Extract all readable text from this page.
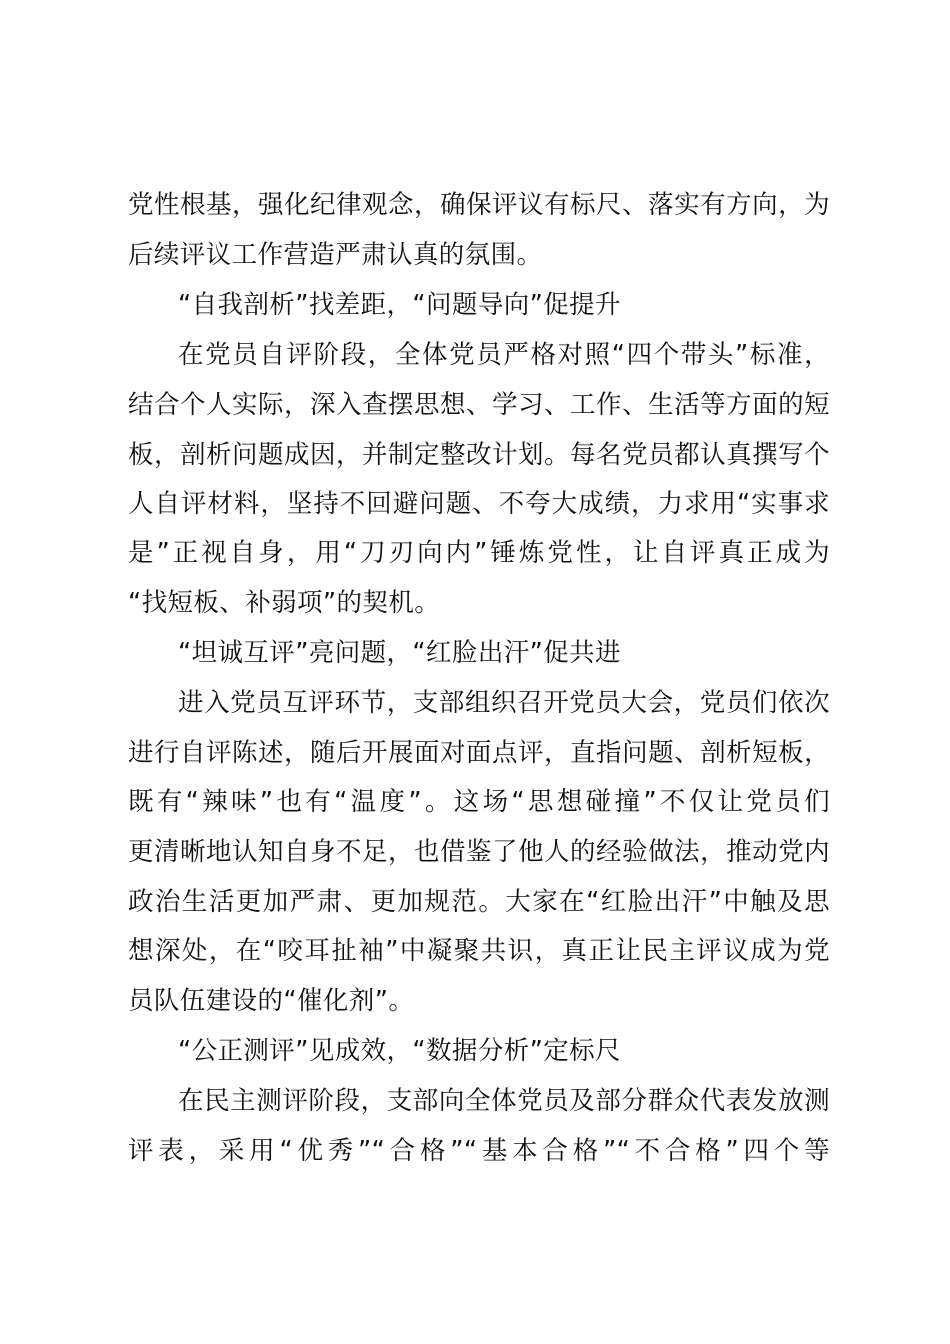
党性根基，强化纪律观念，确保评议有标尺、落实有方向，为
后续评议工作营造严肃认真的氛围。
“自我剖析”找差距，“问题导向”促提升
在党员自评阶段，全体党员严格对照“四个带头”标准，
结合个人实际，深入查摆思想、学习、工作、生活等方面的短
板，剖析问题成因，并制定整改计划。每名党员都认真撰写个
人自评材料，坚持不回避问题、不夸大成绩，力求用“实事求
是”正视自身，用“刀刃向内”锤炼党性，让自评真正成为
“找短板、补弱项”的契机。
“坦诚互评”亮问题，“红脸出汗”促共进
进入党员互评环节，支部组织召开党员大会，党员们依次
进行自评陈述，随后开展面对面点评，直指问题、剖析短板，
既有“辣味”也有“温度”。这场“思想碰撞”不仅让党员们
更清晰地认知自身不足，也借鉴了他人的经验做法，推动党内
政治生活更加严肃、更加规范。大家在“红脸出汗”中触及思
想深处，在“咬耳扯袖”中凝聚共识，真正让民主评议成为党
员队伍建设的“催化剂”。
“公正测评”见成效，“数据分析”定标尺
在民主测评阶段，支部向全体党员及部分群众代表发放测
评表，采用“优秀”“合格”“基本合格”“不合格”四个等
